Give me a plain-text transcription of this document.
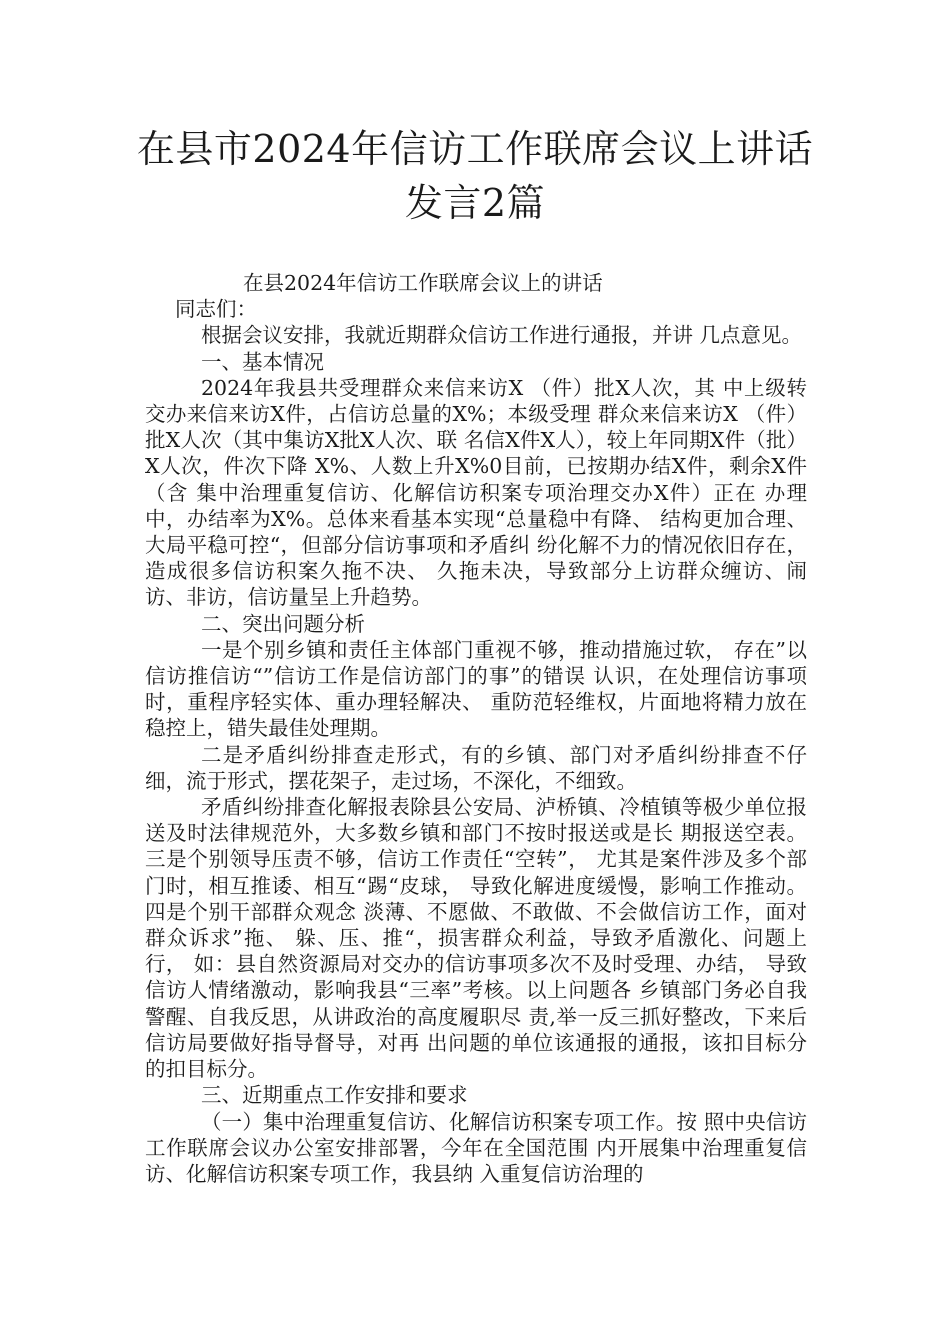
在县市2024年信访工作联席会议上讲话发言2篇

在县2024年信访工作联席会议上的讲话

同志们：

根据会议安排，我就近期群众信访工作进行通报，并讲 几点意见。

一、基本情况

2024年我县共受理群众来信来访X （件）批X人次，其 中上级转交办来信来访X件，占信访总量的X%；本级受理 群众来信来访X （件）批X人次（其中集访X批X人次、联 名信X件X人），较上年同期X件（批）X人次，件次下降 X%、人数上升X%0目前，已按期办结X件，剩余X件（含 集中治理重复信访、化解信访积案专项治理交办X件）正在 办理中，办结率为X%。总体来看基本实现“总量稳中有降、 结构更加合理、大局平稳可控“，但部分信访事项和矛盾纠 纷化解不力的情况依旧存在，造成很多信访积案久拖不决、 久拖未决，导致部分上访群众缠访、闹访、非访，信访量呈上升趋势。

二、突出问题分析

一是个别乡镇和责任主体部门重视不够，推动措施过软， 存在”以信访推信访“”信访工作是信访部门的事”的错误 认识，在处理信访事项时，重程序轻实体、重办理轻解决、 重防范轻维权，片面地将精力放在稳控上，错失最佳处理期。

二是矛盾纠纷排查走形式，有的乡镇、部门对矛盾纠纷排查不仔细，流于形式，摆花架子，走过场，不深化，不细致。

矛盾纠纷排查化解报表除县公安局、泸桥镇、冷植镇等极少单位报送及时法律规范外，大多数乡镇和部门不按时报送或是长 期报送空表。三是个别领导压责不够，信访工作责任“空转”， 尤其是案件涉及多个部门时，相互推诿、相互“踢“皮球， 导致化解进度缓慢，影响工作推动。四是个别干部群众观念 淡薄、不愿做、不敢做、不会做信访工作，面对群众诉求”拖、 躲、压、推“，损害群众利益，导致矛盾激化、问题上行， 如：县自然资源局对交办的信访事项多次不及时受理、办结， 导致信访人情绪激动，影响我县“三率”考核。以上问题各 乡镇部门务必自我警醒、自我反思，从讲政治的高度履职尽 责,举一反三抓好整改，下来后信访局要做好指导督导，对再 出问题的单位该通报的通报，该扣目标分的扣目标分。

三、近期重点工作安排和要求

（一）集中治理重复信访、化解信访积案专项工作。按 照中央信访工作联席会议办公室安排部署，今年在全国范围 内开展集中治理重复信访、化解信访积案专项工作，我县纳 入重复信访治理的
